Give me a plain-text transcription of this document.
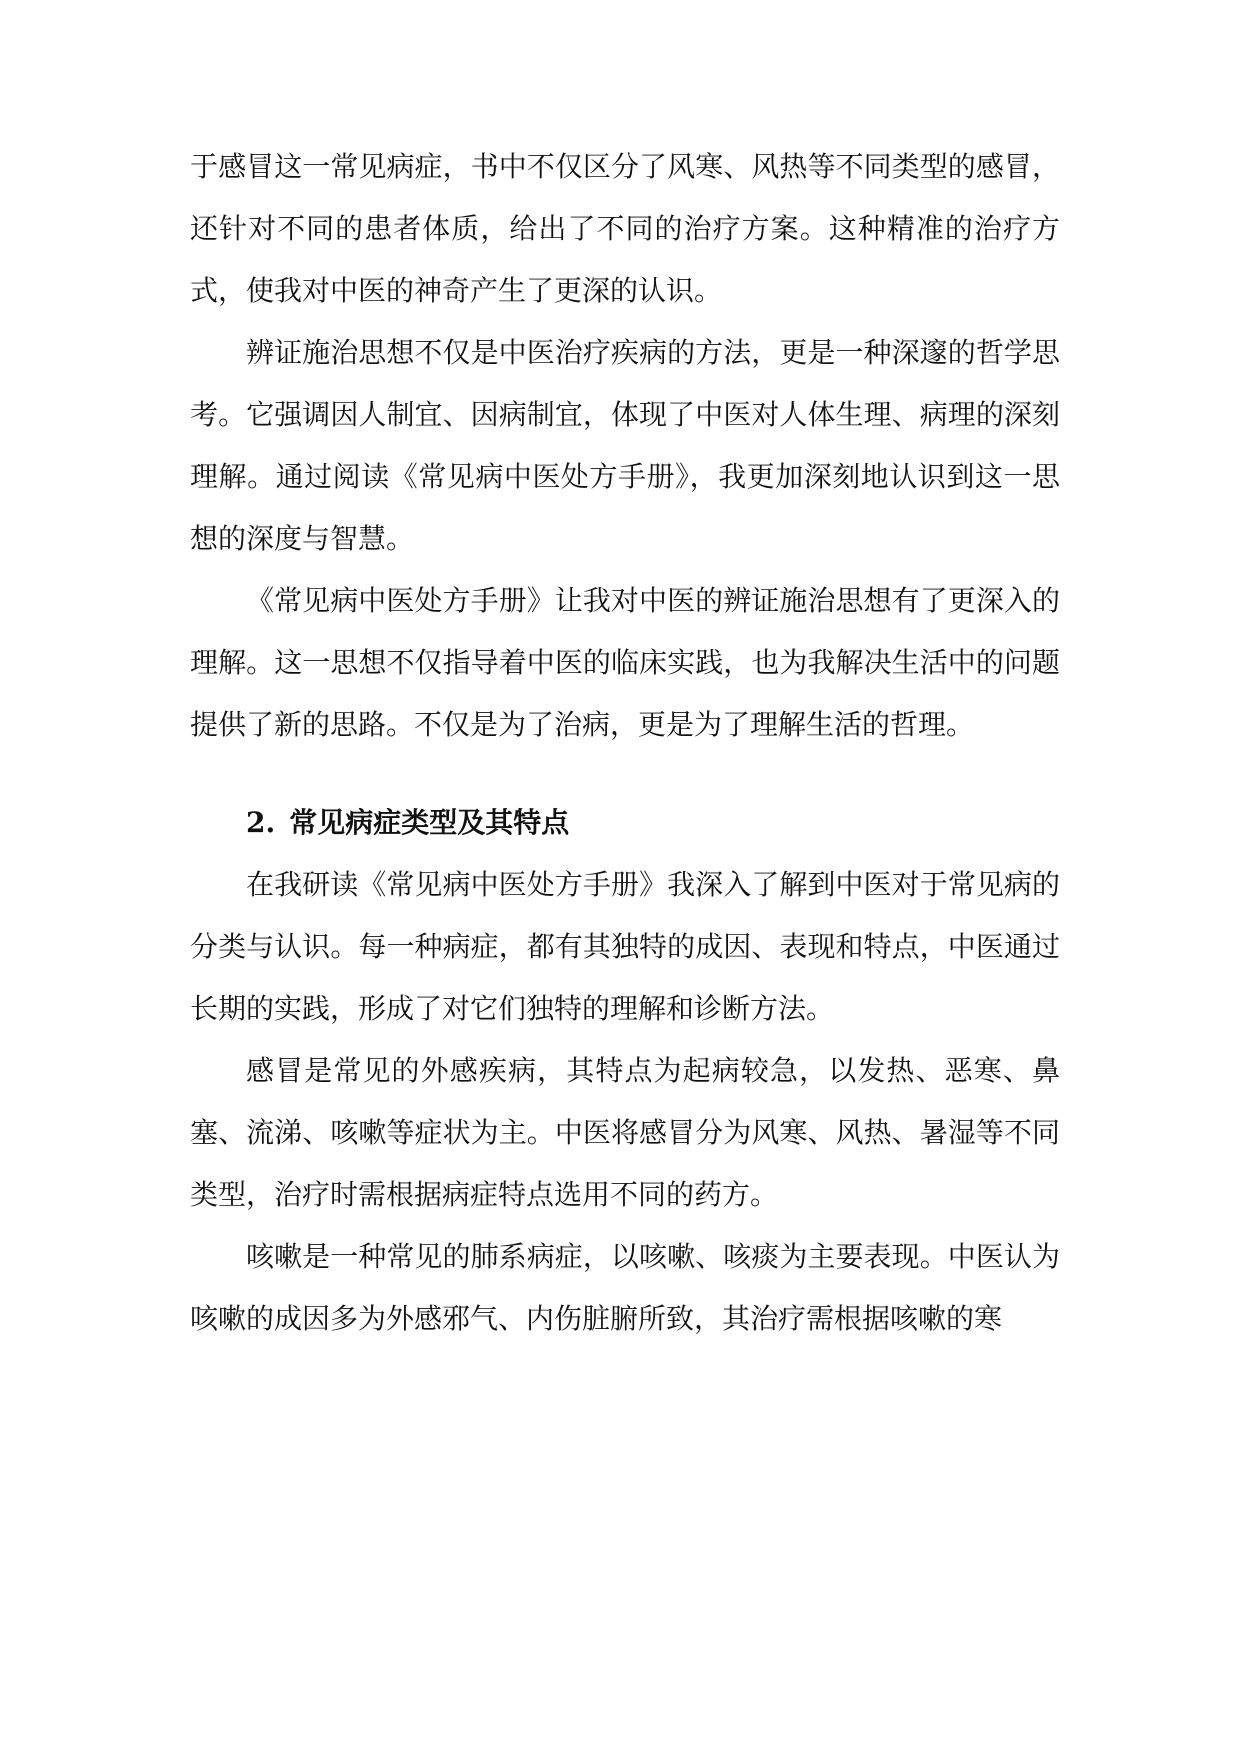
于感冒这一常见病症，书中不仅区分了风寒、风热等不同类型的感冒，还针对不同的患者体质，给出了不同的治疗方案。这种精准的治疗方式，使我对中医的神奇产生了更深的认识。

辨证施治思想不仅是中医治疗疾病的方法，更是一种深邃的哲学思考。它强调因人制宜、因病制宜，体现了中医对人体生理、病理的深刻理解。通过阅读《常见病中医处方手册》，我更加深刻地认识到这一思想的深度与智慧。

《常见病中医处方手册》让我对中医的辨证施治思想有了更深入的理解。这一思想不仅指导着中医的临床实践，也为我解决生活中的问题提供了新的思路。不仅是为了治病，更是为了理解生活的哲理。

2. 常见病症类型及其特点

在我研读《常见病中医处方手册》我深入了解到中医对于常见病的分类与认识。每一种病症，都有其独特的成因、表现和特点，中医通过长期的实践，形成了对它们独特的理解和诊断方法。

感冒是常见的外感疾病，其特点为起病较急，以发热、恶寒、鼻塞、流涕、咳嗽等症状为主。中医将感冒分为风寒、风热、暑湿等不同类型，治疗时需根据病症特点选用不同的药方。

咳嗽是一种常见的肺系病症，以咳嗽、咳痰为主要表现。中医认为咳嗽的成因多为外感邪气、内伤脏腑所致，其治疗需根据咳嗽的寒
